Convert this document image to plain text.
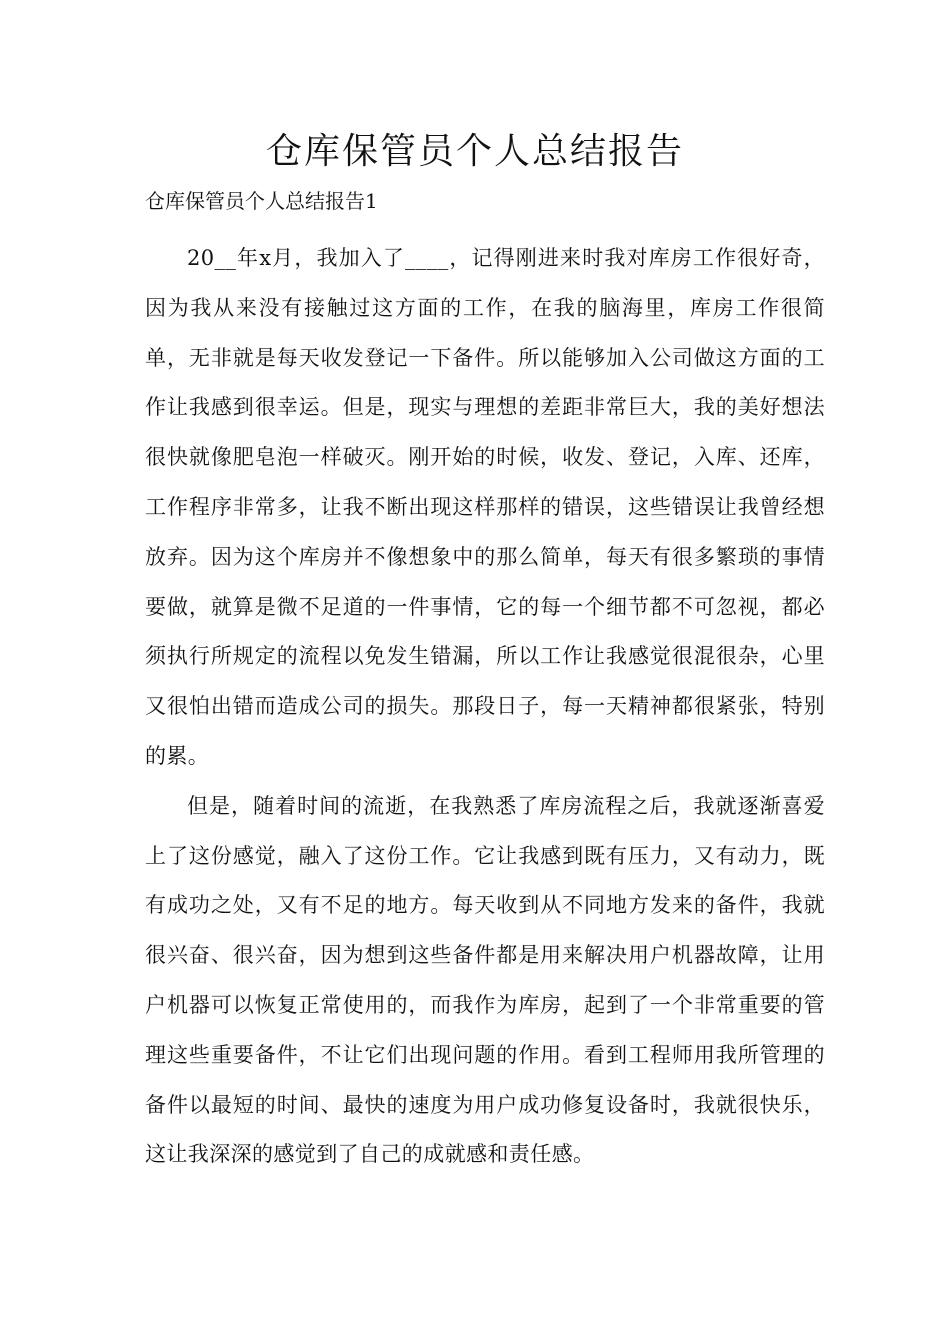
仓库保管员个人总结报告

仓库保管员个人总结报告1

20__年x月，我加入了____，记得刚进来时我对库房工作很好奇，因为我从来没有接触过这方面的工作，在我的脑海里，库房工作很简单，无非就是每天收发登记一下备件。所以能够加入公司做这方面的工作让我感到很幸运。但是，现实与理想的差距非常巨大，我的美好想法很快就像肥皂泡一样破灭。刚开始的时候，收发、登记，入库、还库，工作程序非常多，让我不断出现这样那样的错误，这些错误让我曾经想放弃。因为这个库房并不像想象中的那么简单，每天有很多繁琐的事情要做，就算是微不足道的一件事情，它的每一个细节都不可忽视，都必须执行所规定的流程以免发生错漏，所以工作让我感觉很混很杂，心里又很怕出错而造成公司的损失。那段日子，每一天精神都很紧张，特别的累。

但是，随着时间的流逝，在我熟悉了库房流程之后，我就逐渐喜爱上了这份感觉，融入了这份工作。它让我感到既有压力，又有动力，既有成功之处，又有不足的地方。每天收到从不同地方发来的备件，我就很兴奋、很兴奋，因为想到这些备件都是用来解决用户机器故障，让用户机器可以恢复正常使用的，而我作为库房，起到了一个非常重要的管理这些重要备件，不让它们出现问题的作用。看到工程师用我所管理的备件以最短的时间、最快的速度为用户成功修复设备时，我就很快乐，这让我深深的感觉到了自己的成就感和责任感。
